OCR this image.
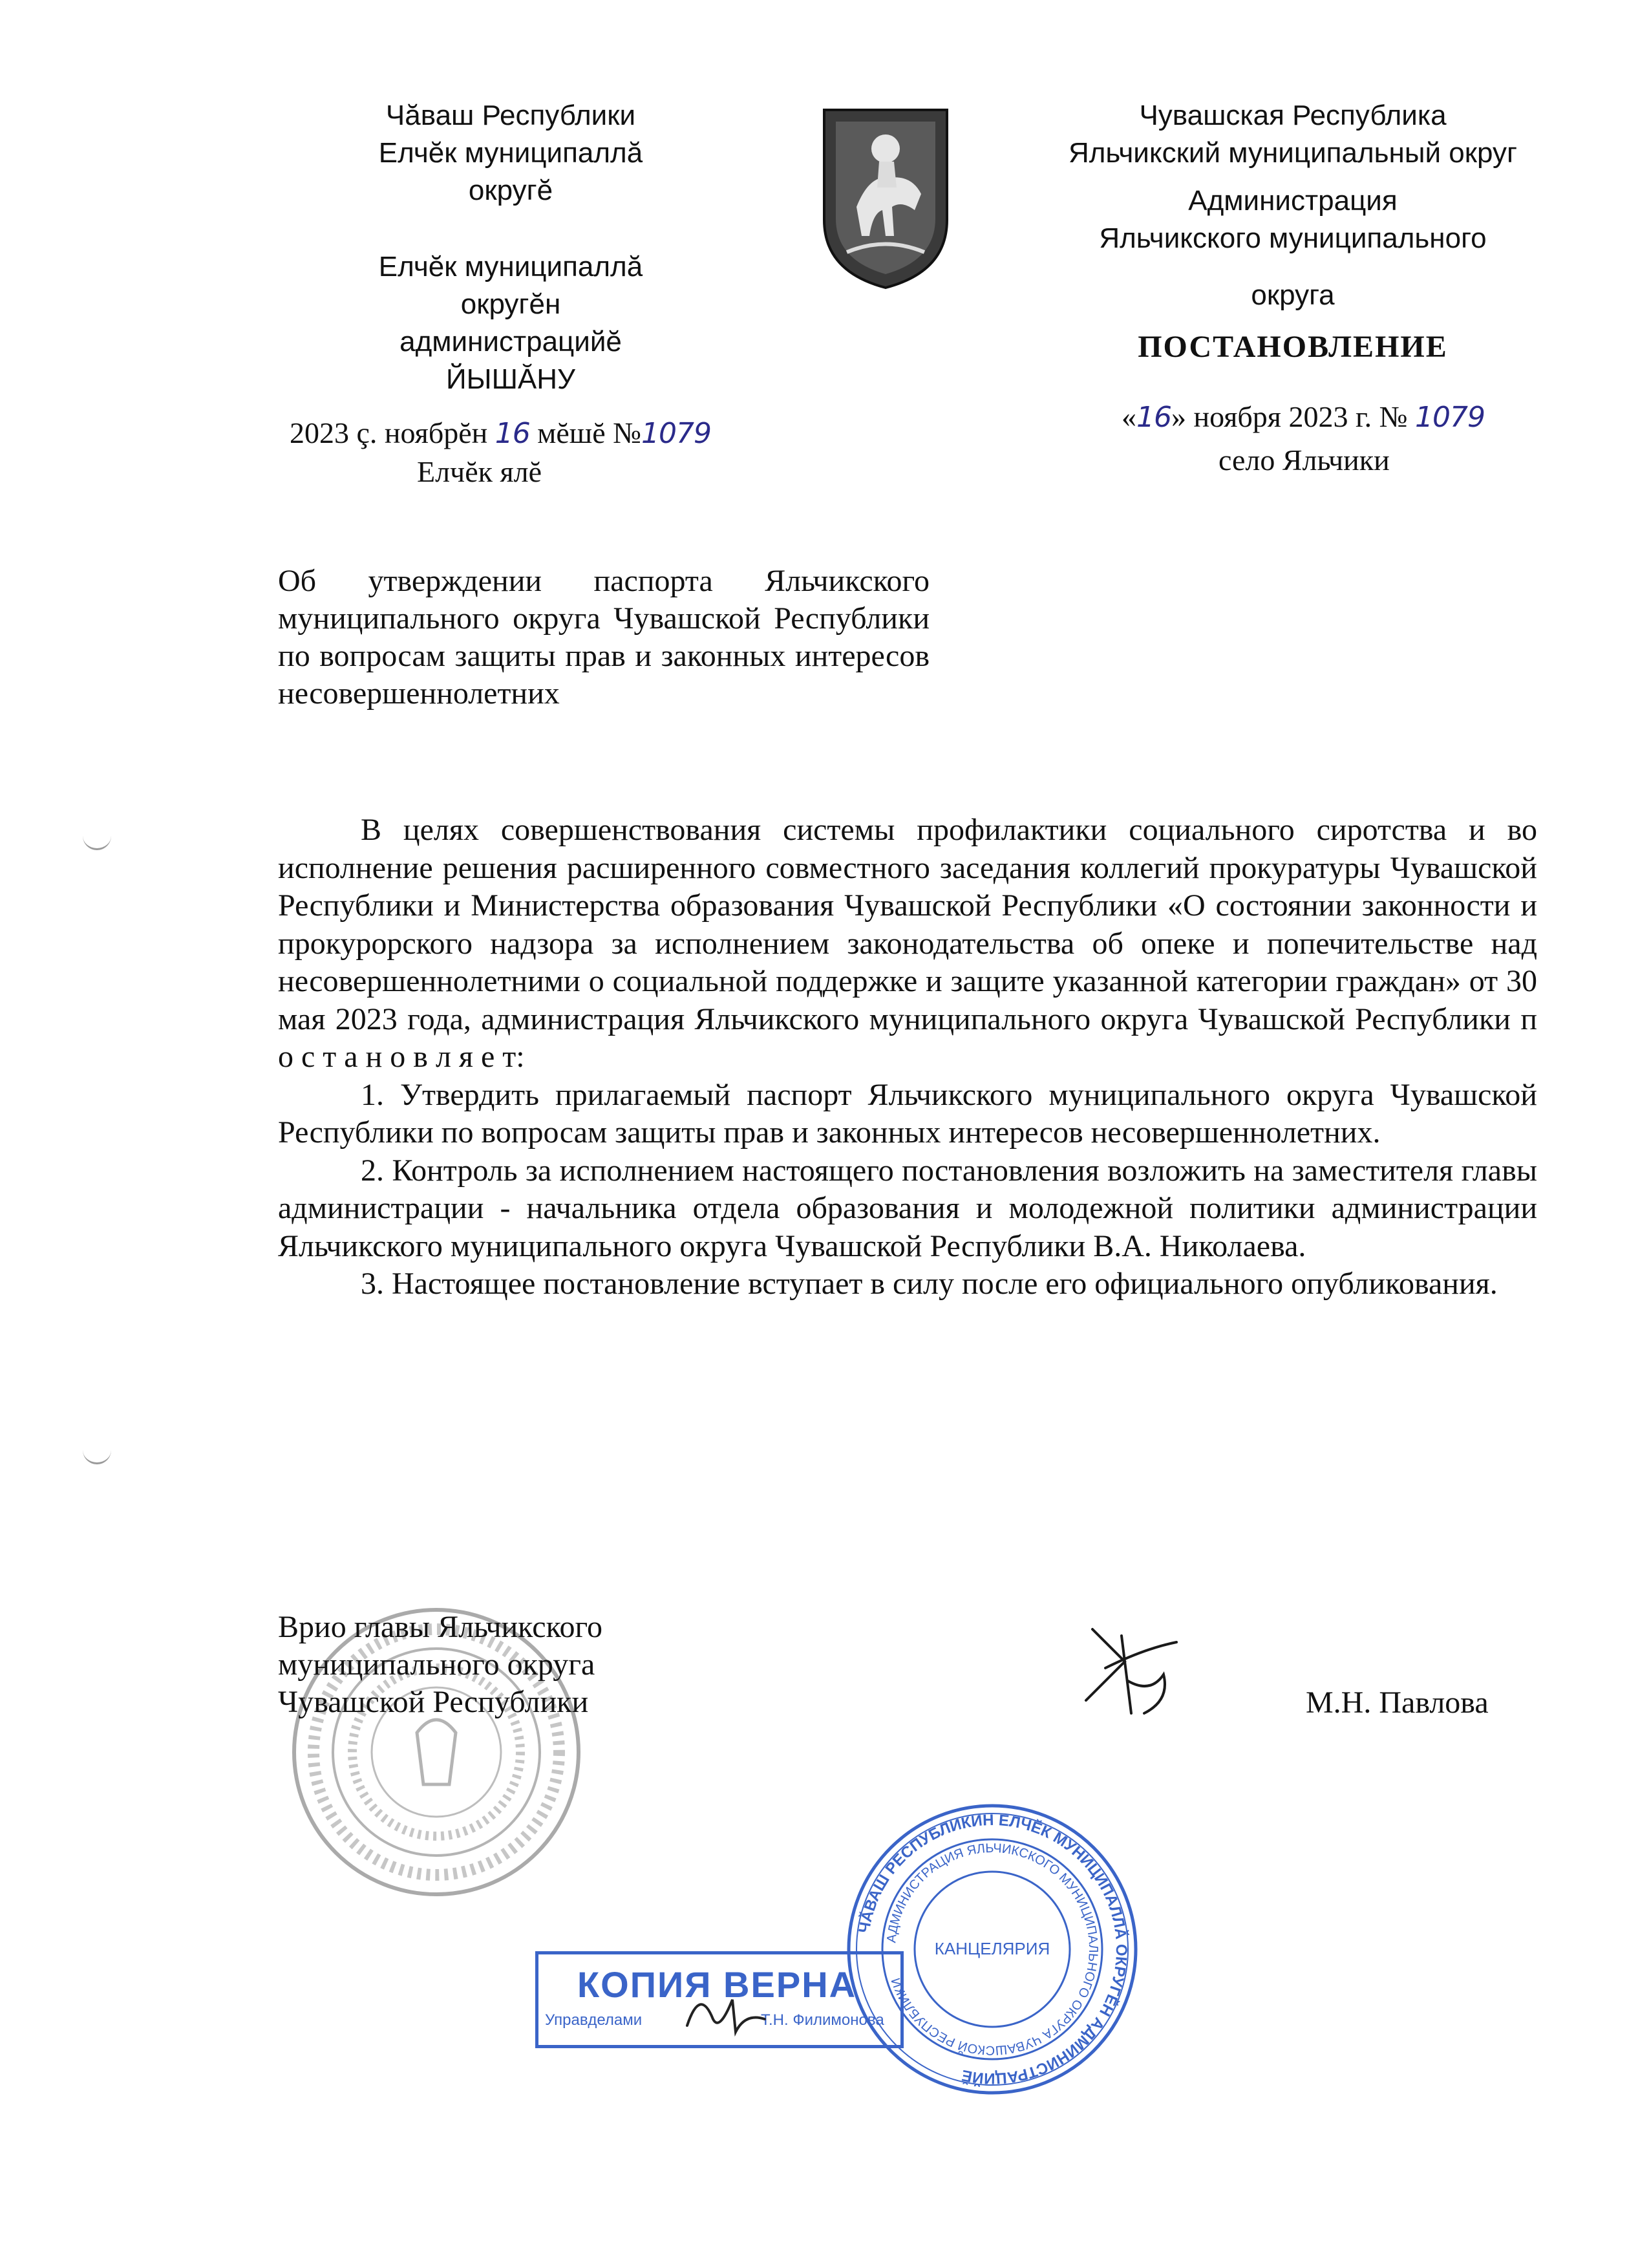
Чăваш Республики
Елчĕк муниципаллă
округĕ
Елчĕк муниципаллă
округĕн
администрацийĕ
ЙЫШĂНУ
2023 ç. ноябрĕн 16 мĕшĕ №1079
Елчĕк ялĕ
Чувашская Республика
Яльчикский муниципальный округ
Администрация
Яльчикского муниципального
округа
ПОСТАНОВЛЕНИЕ
«16» ноября 2023 г. № 1079
село Яльчики
Об утверждении паспорта Яльчикского муниципального округа Чувашской Республики по вопросам защиты прав и законных интересов несовершеннолетних

В целях совершенствования системы профилактики социального сиротства и во исполнение решения расширенного совместного заседания коллегий прокуратуры Чувашской Республики и Министерства образования Чувашской Республики «О состоянии законности и прокурорского надзора за исполнением законодательства об опеке и попечительстве над несовершеннолетними о социальной поддержке и защите указанной категории граждан» от 30 мая 2023 года, администрация Яльчикского муниципального округа Чувашской Республики п о с т а н о в л я е т:

1. Утвердить прилагаемый паспорт Яльчикского муниципального округа Чувашской Республики по вопросам защиты прав и законных интересов несовершеннолетних.

2. Контроль за исполнением настоящего постановления возложить на заместителя главы администрации - начальника отдела образования и молодежной политики администрации Яльчикского муниципального округа Чувашской Республики В.А. Николаева.

3. Настоящее постановление вступает в силу после его официального опубликования.

Врио главы Яльчикского
муниципального округа
Чувашской Республики	М.Н. Павлова
КОПИЯ ВЕРНА
Управделами	Т.Н. Филимонова
ЧĂВАШ РЕСПУБЛИКИН ЕЛЧĔК МУНИЦИПАЛЛĂ ОКРУГĔН АДМИНИСТРАЦИЙĔ
АДМИНИСТРАЦИЯ ЯЛЬЧИКСКОГО МУНИЦИПАЛЬНОГО ОКРУГА ЧУВАШСКОЙ РЕСПУБЛИКИ
КАНЦЕЛЯРИЯ
